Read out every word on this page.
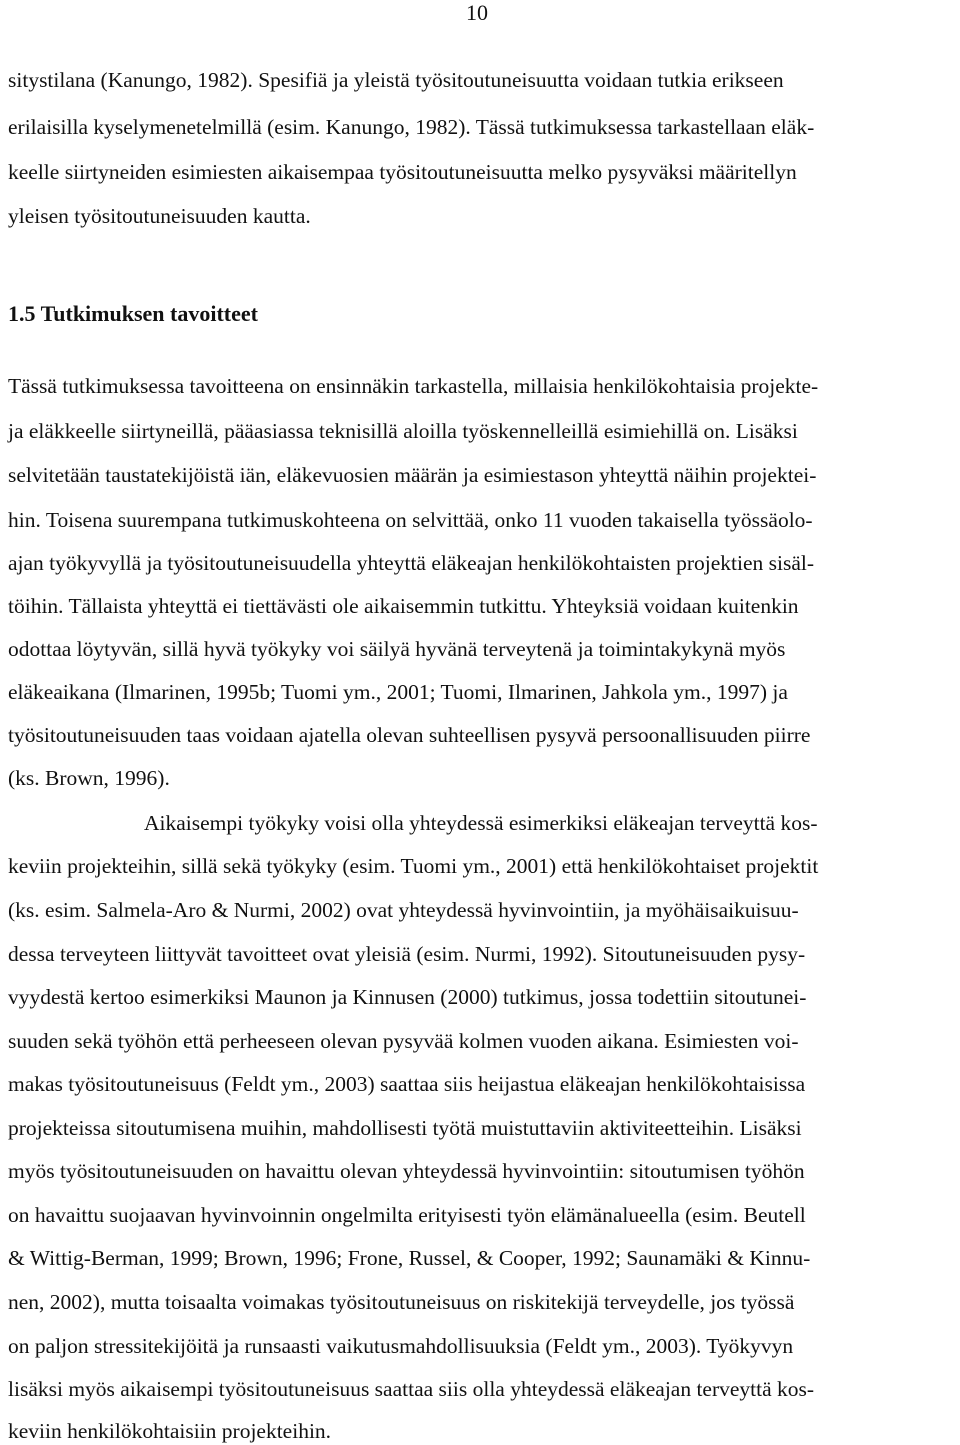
10
sitystilana (Kanungo, 1982). Spesifiä ja yleistä työsitoutuneisuutta voidaan tutkia erikseen
erilaisilla kyselymenetelmillä (esim. Kanungo, 1982). Tässä tutkimuksessa tarkastellaan eläk-
keelle siirtyneiden esimiesten aikaisempaa työsitoutuneisuutta melko pysyväksi määritellyn
yleisen työsitoutuneisuuden kautta.
1.5 Tutkimuksen tavoitteet
Tässä tutkimuksessa tavoitteena on ensinnäkin tarkastella, millaisia henkilökohtaisia projekte-
ja eläkkeelle siirtyneillä, pääasiassa teknisillä aloilla työskennelleillä esimiehillä on. Lisäksi
selvitetään taustatekijöistä iän, eläkevuosien määrän ja esimiestason yhteyttä näihin projektei-
hin. Toisena suurempana tutkimuskohteena on selvittää, onko 11 vuoden takaisella työssäolo-
ajan työkyvyllä ja työsitoutuneisuudella yhteyttä eläkeajan henkilökohtaisten projektien sisäl-
töihin. Tällaista yhteyttä ei tiettävästi ole aikaisemmin tutkittu. Yhteyksiä voidaan kuitenkin
odottaa löytyvän, sillä hyvä työkyky voi säilyä hyvänä terveytenä ja toimintakykynä myös
eläkeaikana (Ilmarinen, 1995b; Tuomi ym., 2001; Tuomi, Ilmarinen, Jahkola ym., 1997) ja
työsitoutuneisuuden taas voidaan ajatella olevan suhteellisen pysyvä persoonallisuuden piirre
(ks. Brown, 1996).
Aikaisempi työkyky voisi olla yhteydessä esimerkiksi eläkeajan terveyttä kos-
keviin projekteihin, sillä sekä työkyky (esim. Tuomi ym., 2001) että henkilökohtaiset projektit
(ks. esim. Salmela-Aro & Nurmi, 2002) ovat yhteydessä hyvinvointiin, ja myöhäisaikuisuu-
dessa terveyteen liittyvät tavoitteet ovat yleisiä (esim. Nurmi, 1992). Sitoutuneisuuden pysy-
vyydestä kertoo esimerkiksi Maunon ja Kinnusen (2000) tutkimus, jossa todettiin sitoutunei-
suuden sekä työhön että perheeseen olevan pysyvää kolmen vuoden aikana. Esimiesten voi-
makas työsitoutuneisuus (Feldt ym., 2003) saattaa siis heijastua eläkeajan henkilökohtaisissa
projekteissa sitoutumisena muihin, mahdollisesti työtä muistuttaviin aktiviteetteihin. Lisäksi
myös työsitoutuneisuuden on havaittu olevan yhteydessä hyvinvointiin: sitoutumisen työhön
on havaittu suojaavan hyvinvoinnin ongelmilta erityisesti työn elämänalueella (esim. Beutell
& Wittig-Berman, 1999; Brown, 1996; Frone, Russel, & Cooper, 1992; Saunamäki & Kinnu-
nen, 2002), mutta toisaalta voimakas työsitoutuneisuus on riskitekijä terveydelle, jos työssä
on paljon stressitekijöitä ja runsaasti vaikutusmahdollisuuksia (Feldt ym., 2003). Työkyvyn
lisäksi myös aikaisempi työsitoutuneisuus saattaa siis olla yhteydessä eläkeajan terveyttä kos-
keviin henkilökohtaisiin projekteihin.
